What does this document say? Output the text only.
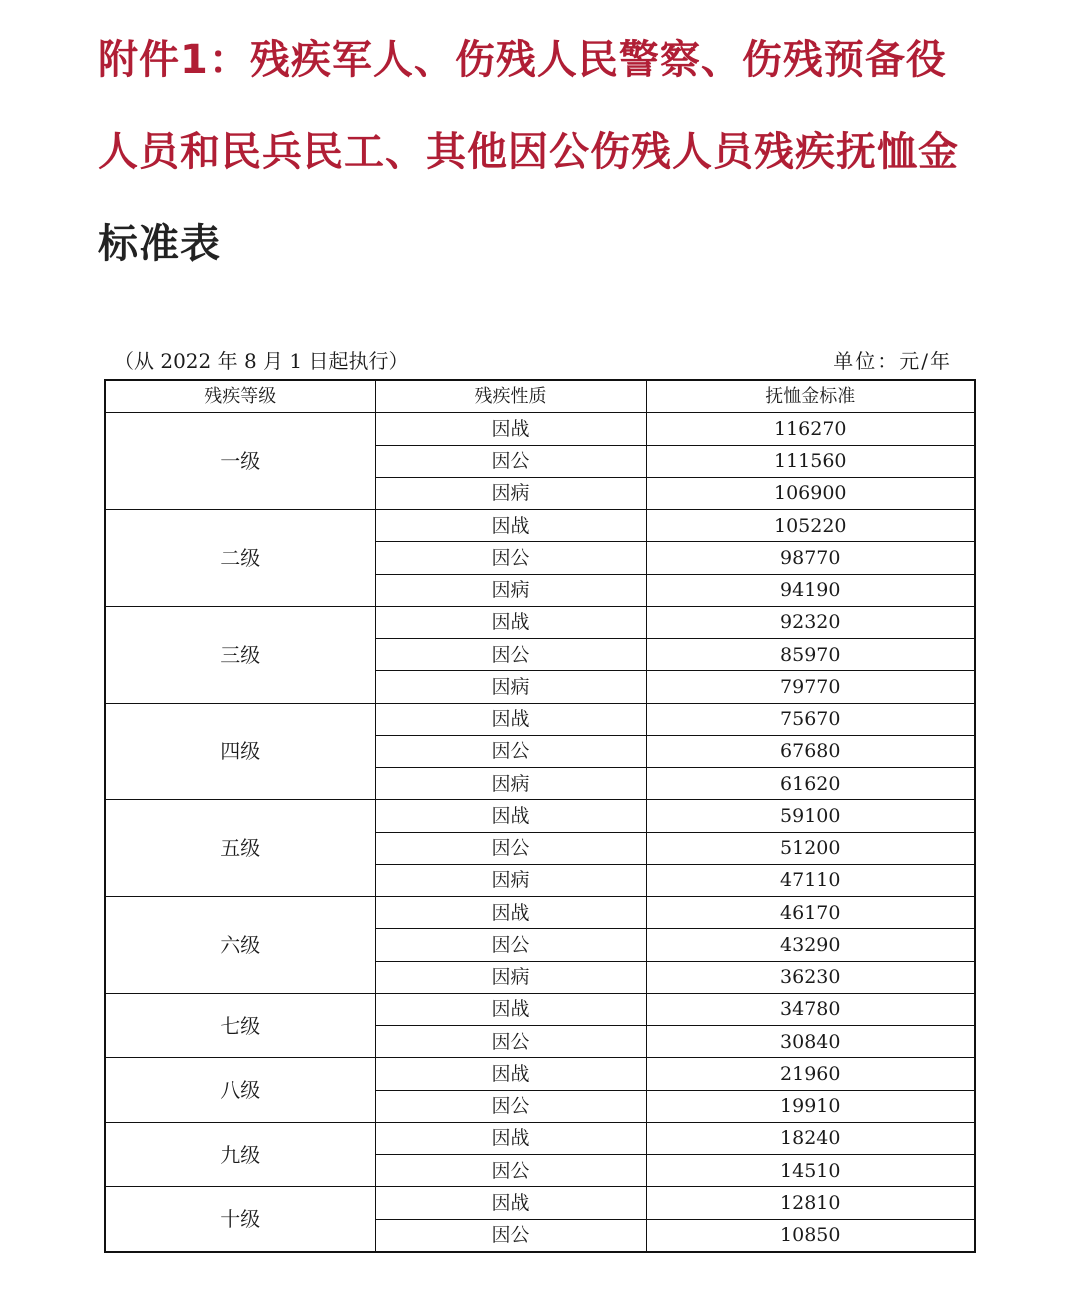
附件1：残疾军人、伤残人民警察、伤残预备役
人员和民兵民工、其他因公伤残人员残疾抚恤金
标准表
（从 2022 年 8 月 1 日起执行）	单位：元/年
残疾等级	残疾性质	抚恤金标准
一级	因战	116270
	因公	111560
	因病	106900
二级	因战	105220
	因公	98770
	因病	94190
三级	因战	92320
	因公	85970
	因病	79770
四级	因战	75670
	因公	67680
	因病	61620
五级	因战	59100
	因公	51200
	因病	47110
六级	因战	46170
	因公	43290
	因病	36230
七级	因战	34780
	因公	30840
八级	因战	21960
	因公	19910
九级	因战	18240
	因公	14510
十级	因战	12810
	因公	10850
